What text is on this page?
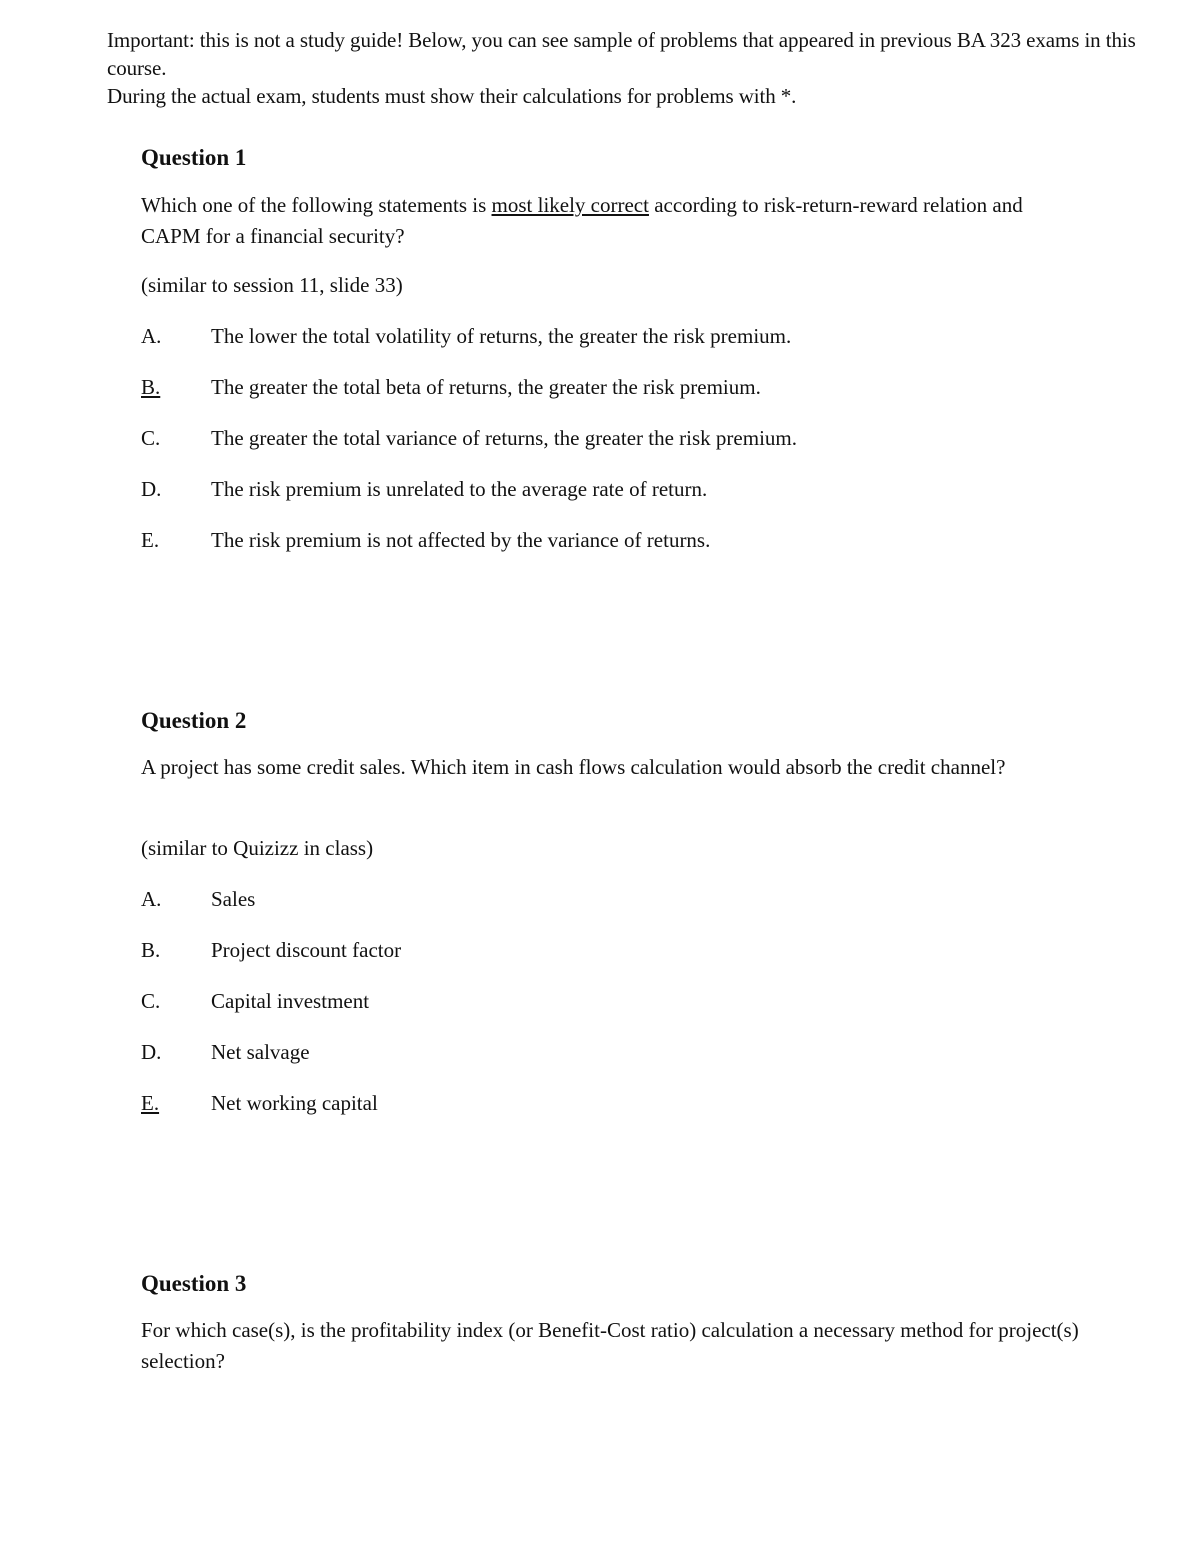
Important: this is not a study guide! Below, you can see sample of problems that appeared in previous BA 323 exams in this course.

During the actual exam, students must show their calculations for problems with *.

Question 1
Which one of the following statements is most likely correct according to risk-return-reward relation and CAPM for a financial security?
(similar to session 11, slide 33)
A. The lower the total volatility of returns, the greater the risk premium.
B. The greater the total beta of returns, the greater the risk premium.
C. The greater the total variance of returns, the greater the risk premium.
D. The risk premium is unrelated to the average rate of return.
E. The risk premium is not affected by the variance of returns.
Question 2
A project has some credit sales. Which item in cash flows calculation would absorb the credit channel?
(similar to Quizizz in class)
A. Sales
B. Project discount factor
C. Capital investment
D. Net salvage
E. Net working capital
Question 3
For which case(s), is the profitability index (or Benefit-Cost ratio) calculation a necessary method for project(s) selection?
